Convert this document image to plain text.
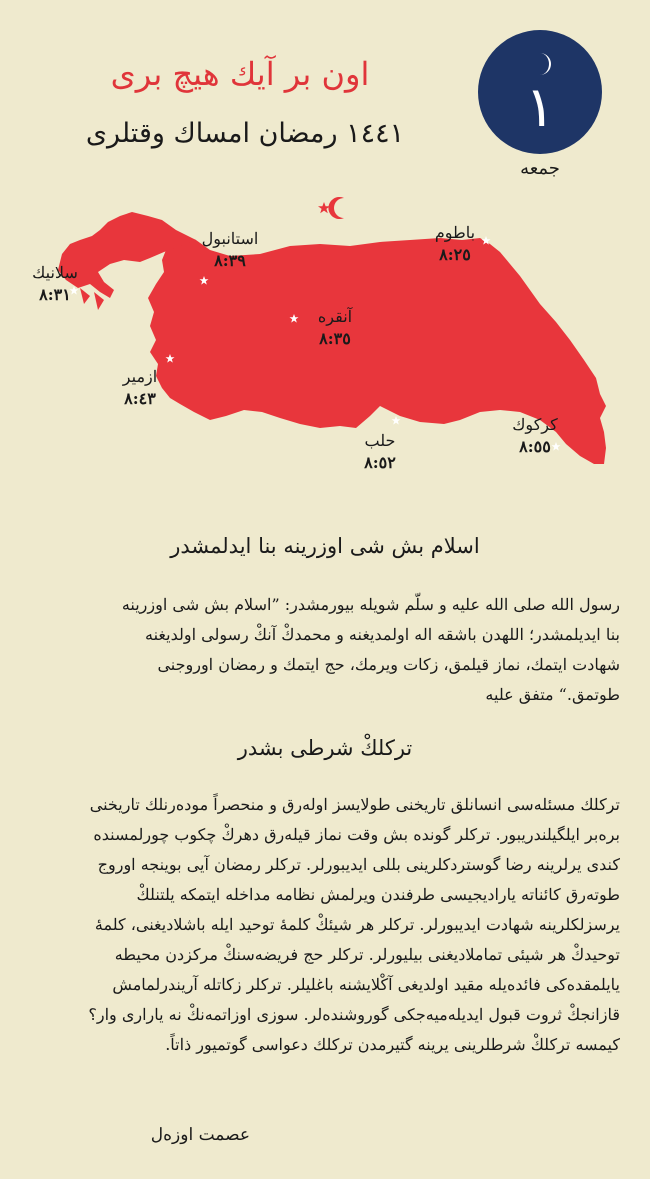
اون بر آیك هیچ برى
١٤٤١ رمضان امساك وقتلرى	١
جمعه
سلانیك
٨:٣١
استانبول
٨:٣٩
باطوم
٨:٢٥
آنقره
٨:٣٥
ازمیر
٨:٤٣
حلب
٨:٥٢
كركوك
٨:٥٥
اسلام بش شى اوزرينه بنا ايدلمشدر
رسول الله صلى الله عليه و سلّم شويله بيورمشدر: ”اسلام بش شى اوزرينه
بنا ايديلمشدر؛ اللهدن باشقه اله اولمديغنه و محمدكْ آنكْ رسولى اولديغنه
شهادت ايتمك، نماز قيلمق، زكات ويرمك، حج ايتمك و رمضان اوروجنى
طوتمق.“ متفق عليه
تركلكْ شرطى بشدر
تركلك مسئله‌سى انسانلق تاريخنى طولايسز اوله‌رق و منحصراً موده‌رنلك تاريخنى
برەبر ايلگيلندريبور. تركلر گونده بش وقت نماز قيله‌رق دهركْ چكوب چورلمسنده
كندى يرلرينه رضا گوستردكلرينى بللى ايديبورلر. تركلر رمضان آيى بوينجه اوروج
طوته‌رق كائناته يارادیجيسى طرفندن ويرلمش نظامه مداخله ايتمكه يلتنلكْ
يرسزلكلرينه شهادت ايديبورلر. تركلر هر شيئكْ كلمهٔ توحيد ايله باشلاديغنى، كلمهٔ
توحيدكْ هر شيئى تماملاديغنى بيليورلر. تركلر حج فريضه‌سنكْ مركزدن محيطه
يايلمقده‌كى فائده‌يله مقيد اولديغى آكْلايشنه باغليلر. تركلر زكاتله آريندرلمامش
قازانجكْ ثروت قبول ايديله‌ميه‌جكى گوروشنده‌لر. سوزى اوزاتمه‌نكْ نه يارارى وار؟
كيمسه تركلكْ شرطلرينى يرينه گتيرمدن تركلك دعواسى گوتميور ذاتاً.
عصمت اوزەل
